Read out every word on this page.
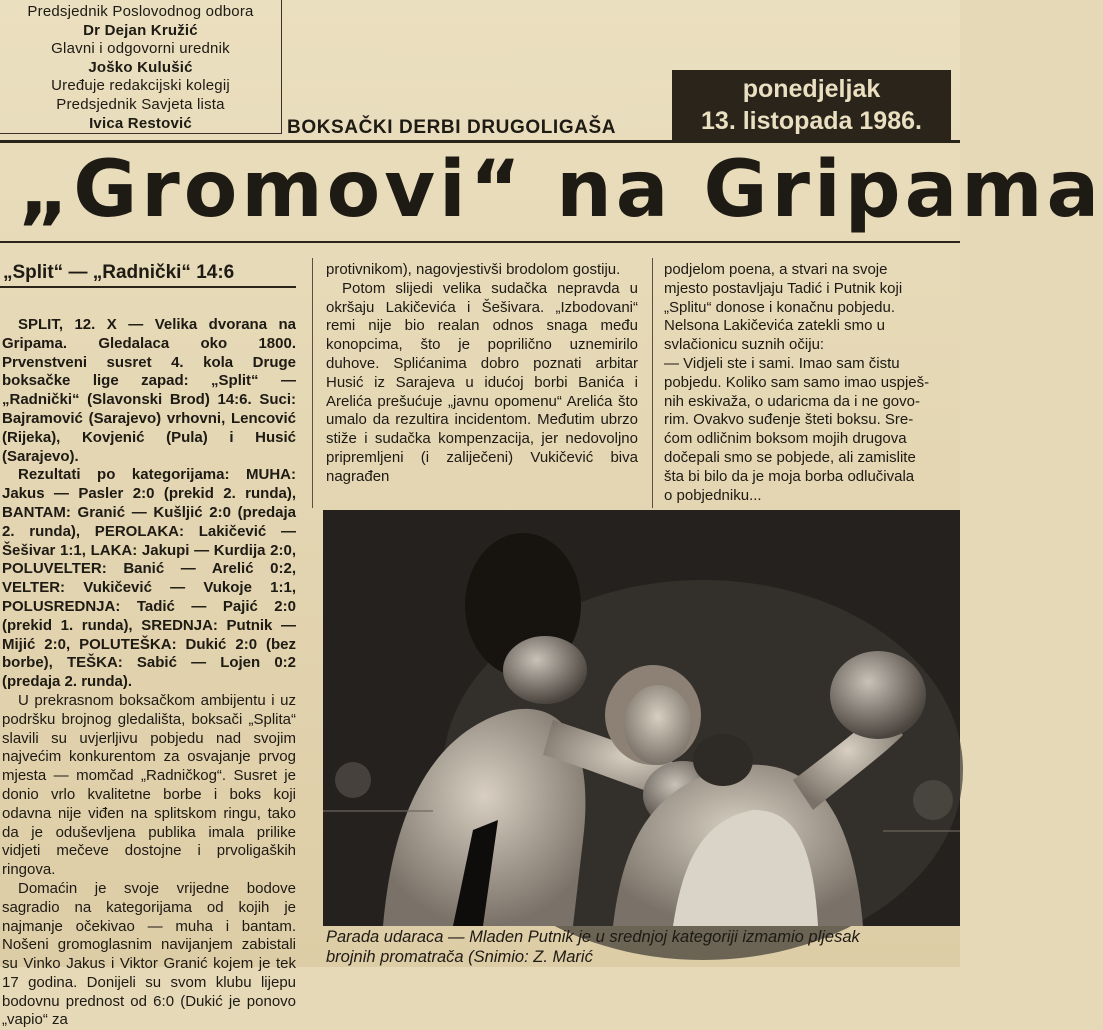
Predsjednik Poslovodnog odbora
Dr Dejan Kružić
Glavni i odgovorni urednik
Joško Kulušić
Uređuje redakcijski kolegij
Predsjednik Savjeta lista
Ivica Restović	BOKSAČKI DERBI DRUGOLIGAŠA
ponedjeljak
13. listopada 1986.
„Gromovi“ na Gripama
„Split“ — „Radnički“ 14:6

SPLIT, 12. X — Velika dvorana na Gripama. Gledalaca oko 1800. Prvenstveni susret 4. kola Druge boksačke lige zapad: „Split“ — „Radnički“ (Slavonski Brod) 14:6. Suci: Bajramović (Sarajevo) vrhovni, Lencović (Rijeka), Kovjenić (Pula) i Husić (Sarajevo).

Rezultati po kategorijama: MUHA: Jakus — Pasler 2:0 (prekid 2. runda), BANTAM: Granić — Kušljić 2:0 (predaja 2. runda), PEROLAKA: Lakičević — Šešivar 1:1, LAKA: Jakupi — Kurdija 2:0, POLUVELTER: Banić — Arelić 0:2, VELTER: Vukičević — Vukoje 1:1, POLUSREDNJA: Tadić — Pajić 2:0 (prekid 1. runda), SREDNJA: Putnik — Mijić 2:0, POLUTEŠKA: Dukić 2:0 (bez borbe), TEŠKA: Sabić — Lojen 0:2 (predaja 2. runda).

U prekrasnom boksačkom ambijentu i uz podršku brojnog gledališta, boksači „Splita“ slavili su uvjerljivu pobjedu nad svojim najvećim konkurentom za osvajanje prvog mjesta — momčad „Radničkog“. Susret je donio vrlo kvalitetne borbe i boks koji odavna nije viđen na splitskom ringu, tako da je oduševljena publika imala prilike vidjeti mečeve dostojne i prvoligaških ringova.

Domaćin je svoje vrijedne bodove sagradio na kategorijama od kojih je najmanje očekivao — muha i bantam. Nošeni gromoglasnim navijanjem zabistali su Vinko Jakus i Viktor Granić kojem je tek 17 godina. Donijeli su svom klubu lijepu bodovnu prednost od 6:0 (Dukić je ponovo „vapio“ za

protivnikom), nagovjestivši brodolom gostiju.

Potom slijedi velika sudačka nepravda u okršaju Lakičevića i Šešivara. „Izbodovani“ remi nije bio realan odnos snaga među konopcima, što je poprilično uznemirilo duhove. Splićanima dobro poznati arbitar Husić iz Sarajeva u idućoj borbi Banića i Arelića prešućuje „javnu opomenu“ Arelića što umalo da rezultira incidentom. Međutim ubrzo stiže i sudačka kompenzacija, jer nedovoljno pripremljeni (i zaliječeni) Vukičević biva nagrađen

podjelom poena, a stvari na svoje
mjesto postavljaju Tadić i Putnik koji
„Splitu“ donose i konačnu pobjedu.
Nelsona Lakičevića zatekli smo u
svlačionicu suznih očiju:
— Vidjeli ste i sami. Imao sam čistu
pobjedu. Koliko sam samo imao uspješ-
nih eskivaža, o udaricma da i ne govo-
rim. Ovakvo suđenje šteti boksu. Sre-
ćom odličnim boksom mojih drugova
dočepali smo se pobjede, ali zamislite
šta bi bilo da je moja borba odlučivala
o pobjedniku...
Parada udaraca — Mladen Putnik je u srednjoj kategoriji izmamio pljesak
brojnih promatrača (Snimio: Z. Marić
